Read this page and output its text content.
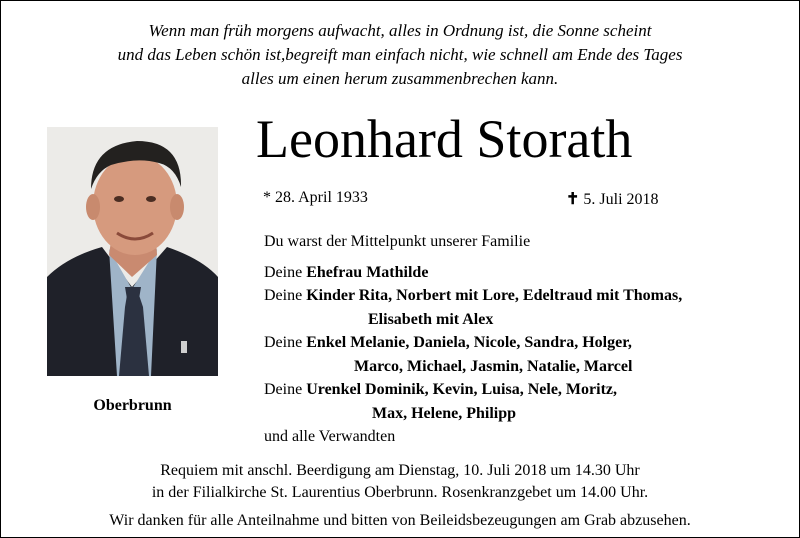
Wenn man früh morgens aufwacht, alles in Ordnung ist, die Sonne scheint
und das Leben schön ist,begreift man einfach nicht, wie schnell am Ende des Tages
alles um einen herum zusammenbrechen kann.
Oberbrunn
Leonhard Storath
* 28. April 1933	✝ 5. Juli 2018
Du warst der Mittelpunkt unserer Familie
Deine Ehefrau Mathilde
Deine Kinder Rita, Norbert mit Lore, Edeltraud mit Thomas,
Elisabeth mit Alex
Deine Enkel Melanie, Daniela, Nicole, Sandra, Holger,
Marco, Michael, Jasmin, Natalie, Marcel
Deine Urenkel Dominik, Kevin, Luisa, Nele, Moritz,
Max, Helene, Philipp
und alle Verwandten
Requiem mit anschl. Beerdigung am Dienstag, 10. Juli 2018 um 14.30 Uhr
in der Filialkirche St. Laurentius Oberbrunn. Rosenkranzgebet um 14.00 Uhr.
Wir danken für alle Anteilnahme und bitten von Beileidsbezeugungen am Grab abzusehen.
